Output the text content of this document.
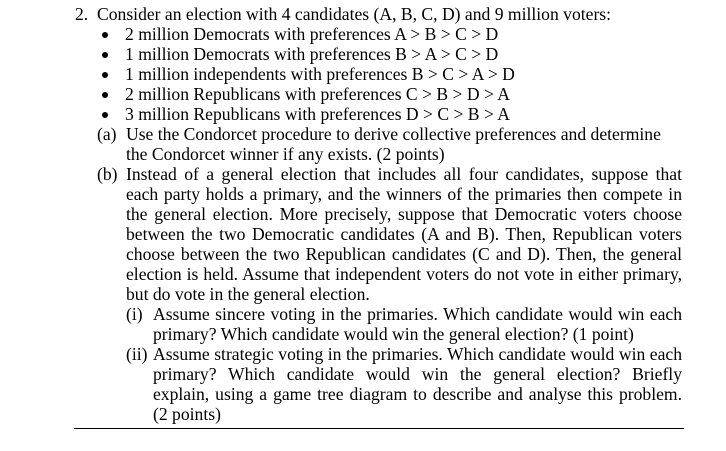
2. Consider an election with 4 candidates (A, B, C, D) and 9 million voters:
2 million Democrats with preferences A > B > C > D
1 million Democrats with preferences B > A > C > D
1 million independents with preferences B > C > A > D
2 million Republicans with preferences C > B > D > A
3 million Republicans with preferences D > C > B > A
(a) Use the Condorcet procedure to derive collective preferences and determine
the Condorcet winner if any exists. (2 points)
(b) Instead of a general election that includes all four candidates, suppose that
each party holds a primary, and the winners of the primaries then compete in
the general election. More precisely, suppose that Democratic voters choose
between the two Democratic candidates (A and B). Then, Republican voters
choose between the two Republican candidates (C and D). Then, the general
election is held. Assume that independent voters do not vote in either primary,
but do vote in the general election.
(i) Assume sincere voting in the primaries. Which candidate would win each
primary? Which candidate would win the general election? (1 point)
(ii) Assume strategic voting in the primaries. Which candidate would win each
primary? Which candidate would win the general election? Briefly
explain, using a game tree diagram to describe and analyse this problem.
(2 points)
